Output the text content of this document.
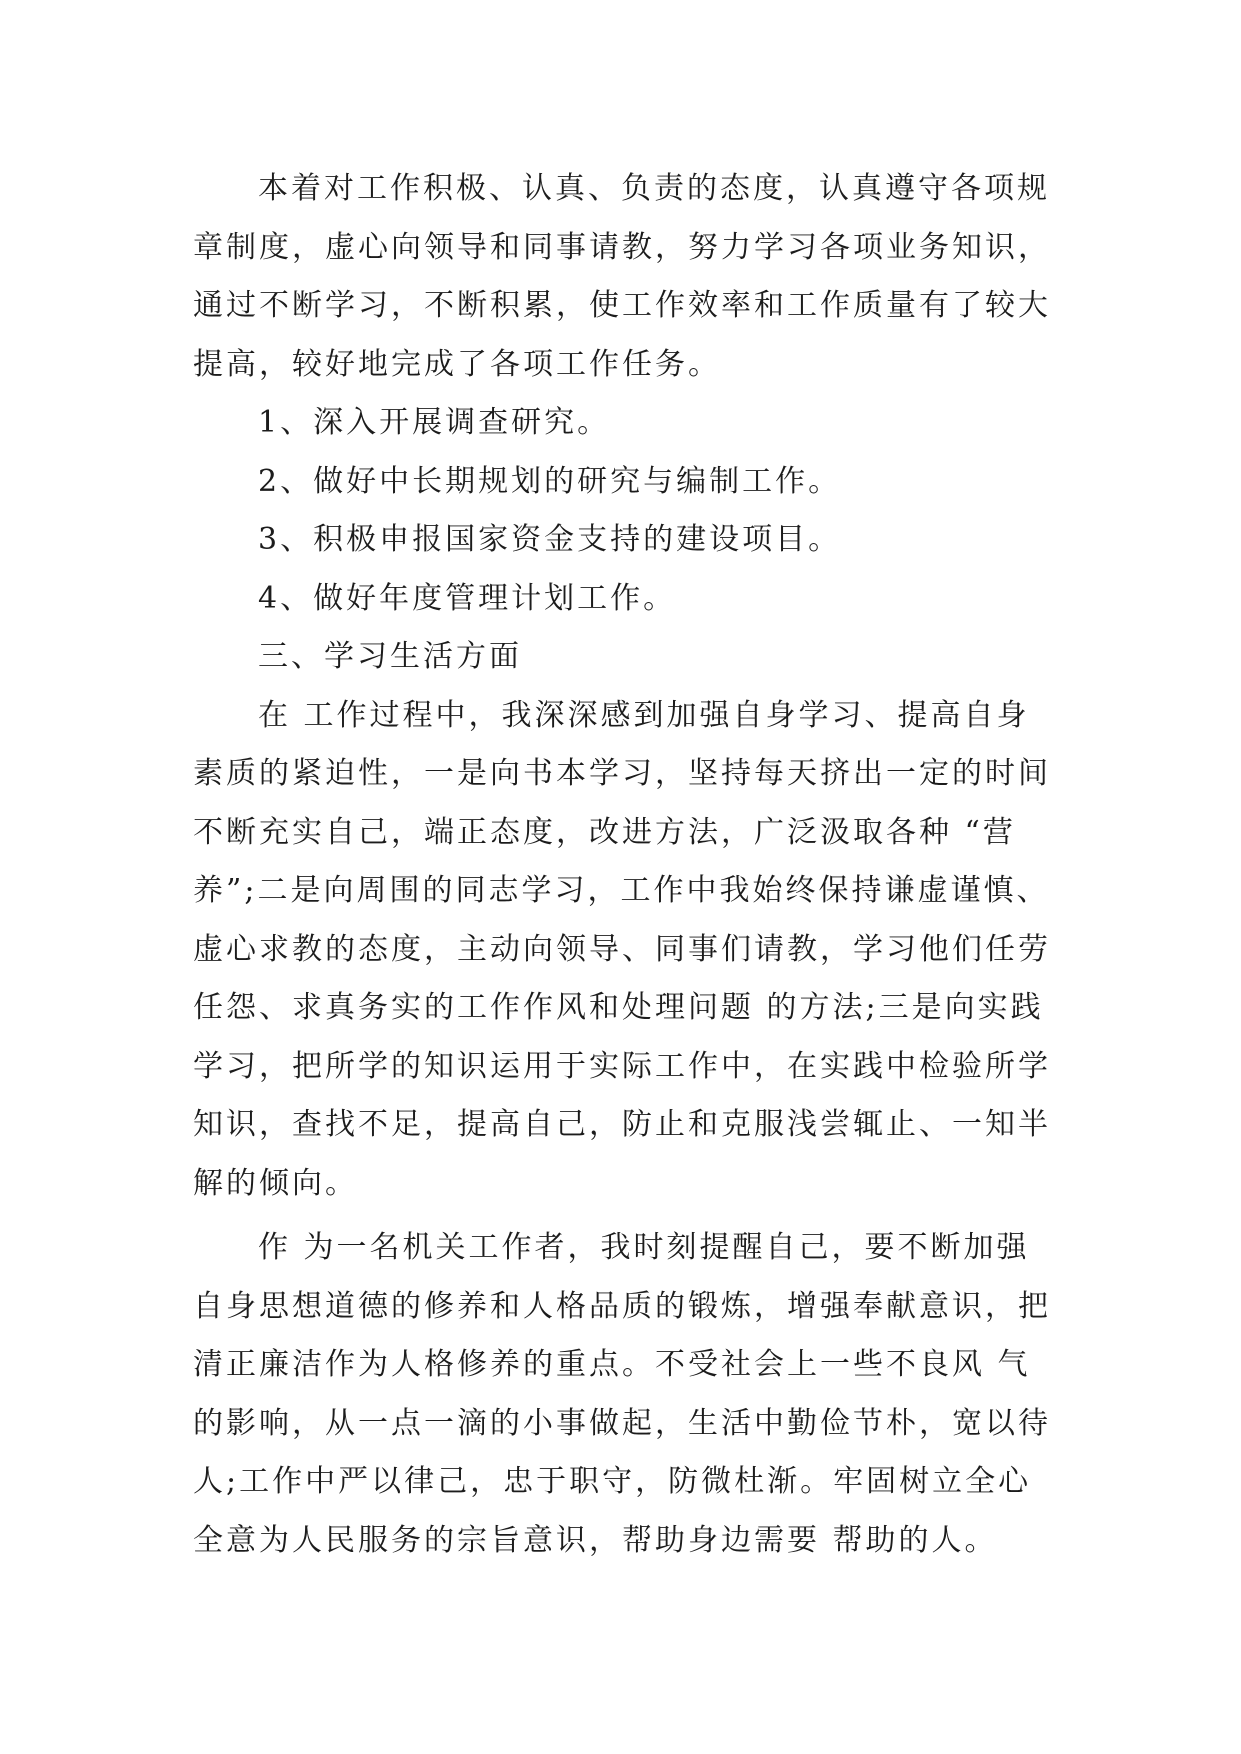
本着对工作积极、认真、负责的态度，认真遵守各项规
章制度，虚心向领导和同事请教，努力学习各项业务知识，
通过不断学习，不断积累，使工作效率和工作质量有了较大
提高，较好地完成了各项工作任务。
1、深入开展调查研究。
2、做好中长期规划的研究与编制工作。
3、积极申报国家资金支持的建设项目。
4、做好年度管理计划工作。
三、学习生活方面
在 工作过程中，我深深感到加强自身学习、提高自身
素质的紧迫性，一是向书本学习，坚持每天挤出一定的时间
不断充实自己，端正态度，改进方法，广泛汲取各种 “营
养”;二是向周围的同志学习，工作中我始终保持谦虚谨慎、
虚心求教的态度，主动向领导、同事们请教，学习他们任劳
任怨、求真务实的工作作风和处理问题 的方法;三是向实践
学习，把所学的知识运用于实际工作中，在实践中检验所学
知识，查找不足，提高自己，防止和克服浅尝辄止、一知半
解的倾向。
作 为一名机关工作者，我时刻提醒自己，要不断加强
自身思想道德的修养和人格品质的锻炼，增强奉献意识，把
清正廉洁作为人格修养的重点。不受社会上一些不良风 气
的影响，从一点一滴的小事做起，生活中勤俭节朴，宽以待
人;工作中严以律己，忠于职守，防微杜渐。牢固树立全心
全意为人民服务的宗旨意识，帮助身边需要 帮助的人。
